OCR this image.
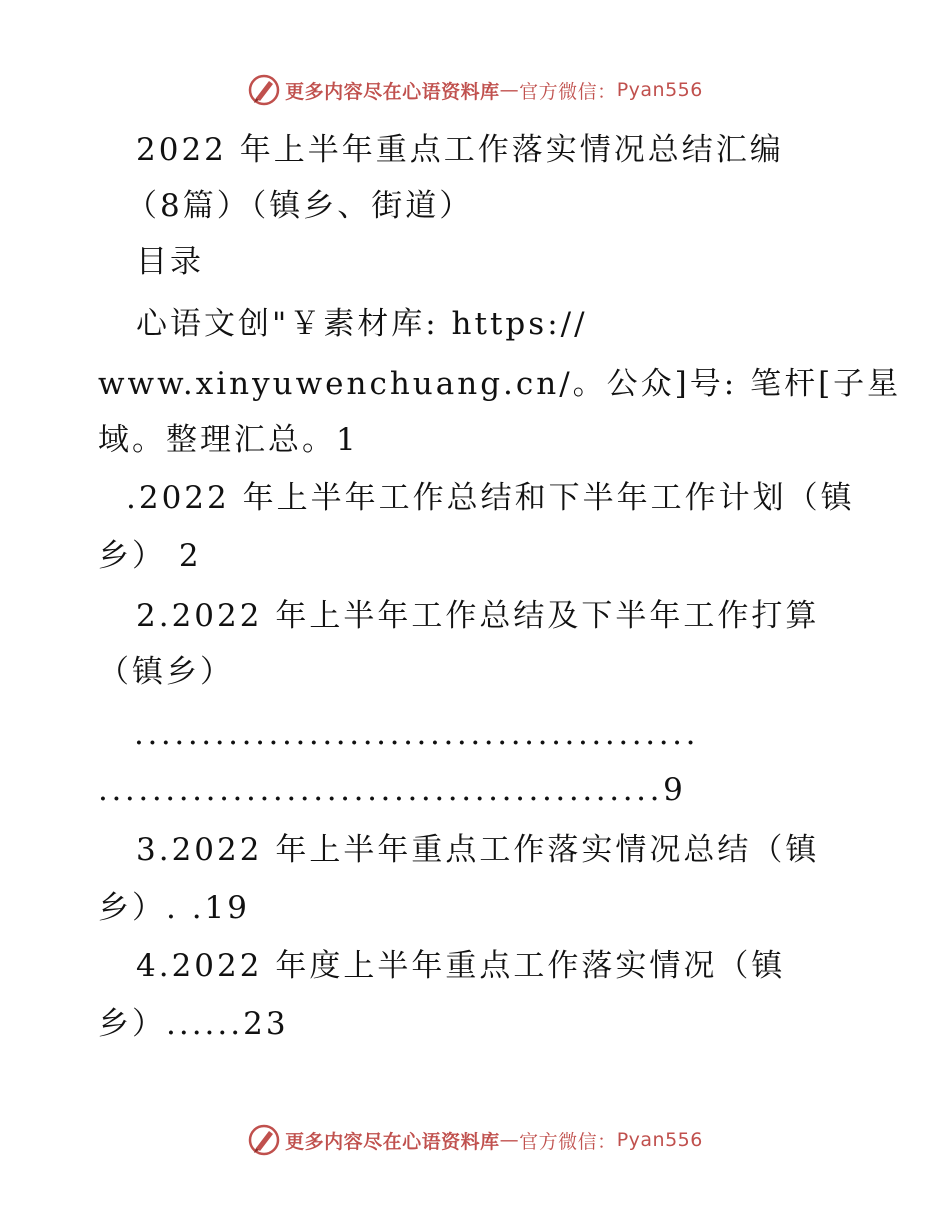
更多内容尽在心语资料库 — 官方微信： Pyan556
2022 年上半年重点工作落实情况总结汇编
（8篇）（镇乡、街道）
目录
心语文创"￥素材库: https://
www.xinyuwenchuang.cn/。公众]号: 笔杆[子星
域。整理汇总。1
.2022 年上半年工作总结和下半年工作计划（镇
乡） 2
2.2022 年上半年工作总结及下半年工作打算
（镇乡）
..........................................
..........................................9
3.2022 年上半年重点工作落实情况总结（镇
乡）. .19
4.2022 年度上半年重点工作落实情况（镇
乡）......23
更多内容尽在心语资料库 — 官方微信： Pyan556
